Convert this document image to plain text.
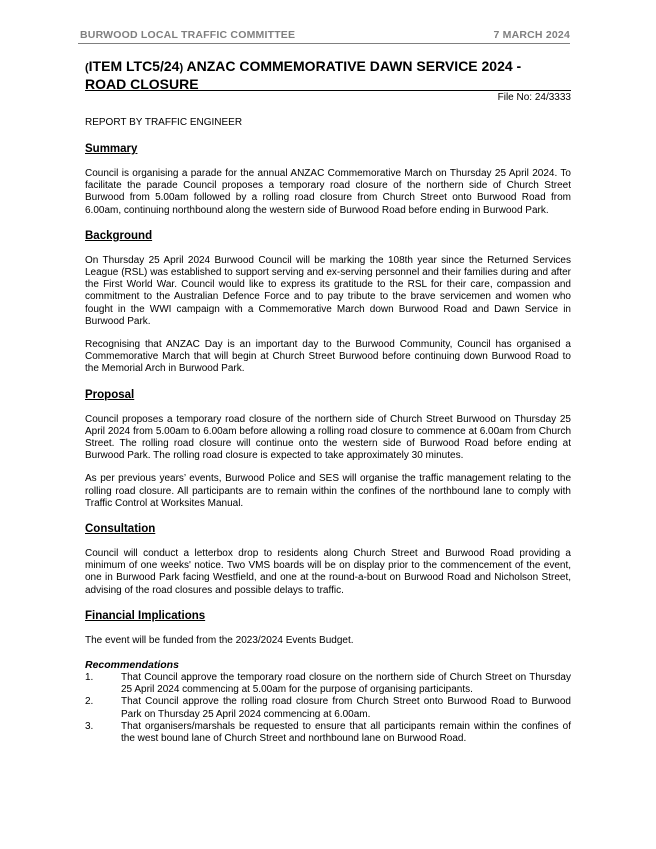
BURWOOD LOCAL TRAFFIC COMMITTEE	7 MARCH 2024
(ITEM LTC5/24) ANZAC COMMEMORATIVE DAWN SERVICE 2024 -
ROAD CLOSURE
File No: 24/3333
REPORT BY TRAFFIC ENGINEER
Summary

Council is organising a parade for the annual ANZAC Commemorative March on Thursday 25 April 2024. To facilitate the parade Council proposes a temporary road closure of the northern side of Church Street Burwood from 5.00am followed by a rolling road closure from Church Street onto Burwood Road from 6.00am, continuing northbound along the western side of Burwood Road before ending in Burwood Park.

Background

On Thursday 25 April 2024 Burwood Council will be marking the 108th year since the Returned Services League (RSL) was established to support serving and ex-serving personnel and their families during and after the First World War. Council would like to express its gratitude to the RSL for their care, compassion and commitment to the Australian Defence Force and to pay tribute to the brave servicemen and women who fought in the WWI campaign with a Commemorative March down Burwood Road and Dawn Service in Burwood Park.

Recognising that ANZAC Day is an important day to the Burwood Community, Council has organised a Commemorative March that will begin at Church Street Burwood before continuing down Burwood Road to the Memorial Arch in Burwood Park.

Proposal

Council proposes a temporary road closure of the northern side of Church Street Burwood on Thursday 25 April 2024 from 5.00am to 6.00am before allowing a rolling road closure to commence at 6.00am from Church Street. The rolling road closure will continue onto the western side of Burwood Road before ending at Burwood Park. The rolling road closure is expected to take approximately 30 minutes.

As per previous years’ events, Burwood Police and SES will organise the traffic management relating to the rolling road closure. All participants are to remain within the confines of the northbound lane to comply with Traffic Control at Worksites Manual.

Consultation

Council will conduct a letterbox drop to residents along Church Street and Burwood Road providing a minimum of one weeks' notice. Two VMS boards will be on display prior to the commencement of the event, one in Burwood Park facing Westfield, and one at the round-a-bout on Burwood Road and Nicholson Street, advising of the road closures and possible delays to traffic.

Financial Implications

The event will be funded from the 2023/2024 Events Budget.

Recommendations
1.	That Council approve the temporary road closure on the northern side of Church Street on Thursday 25 April 2024 commencing at 5.00am for the purpose of organising participants.
2.	That Council approve the rolling road closure from Church Street onto Burwood Road to Burwood Park on Thursday 25 April 2024 commencing at 6.00am.
3.	That organisers/marshals be requested to ensure that all participants remain within the confines of the west bound lane of Church Street and northbound lane on Burwood Road.
